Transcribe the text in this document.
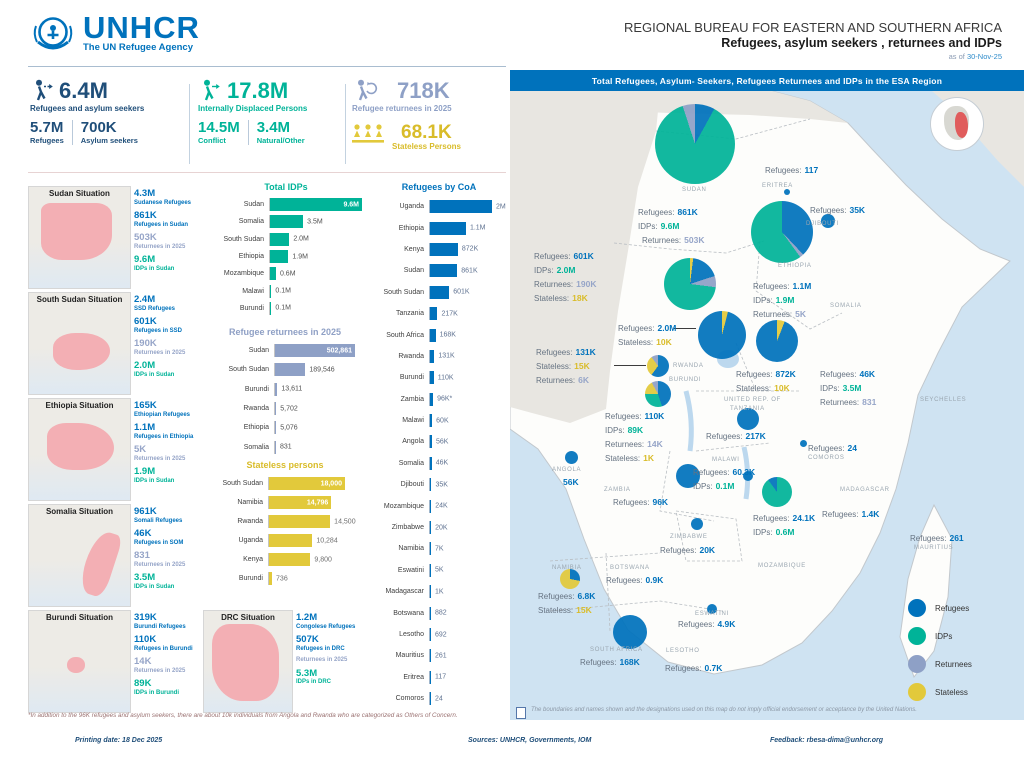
UNHCR
The UN Refugee Agency
REGIONAL BUREAU FOR EASTERN AND SOUTHERN AFRICA
Refugees, asylum seekers , returnees and IDPs
as of 30-Nov-25
6.4M
Refugees and asylum seekers
5.7M
Refugees
700K
Asylum seekers
17.8M
Internally Displaced Persons
14.5M
Conflict
3.4M
Natural/Other
718K
Refugee returnees in 2025
68.1K
Stateless Persons
Sudan Situation	4.3M
Sudanese Refugees
861K
Refugees in Sudan
503K
Returnees in 2025
9.6M
IDPs in Sudan
South Sudan Situation	2.4M
SSD Refugees
601K
Refugees in SSD
190K
Returnees in 2025
2.0M
IDPs in Sudan
Ethiopia Situation	165K
Ethiopian Refugees
1.1M
Refugees in Ethiopia
5K
Returnees in 2025
1.9M
IDPs in Sudan
Somalia Situation	961K
Somali Refugees
46K
Refugees in SOM
831
Returnees in 2025
3.5M
IDPs in Sudan
Burundi Situation	319K
Burundi Refugees
110K
Refugees in Burundi
14K
Returnees in 2025
89K
IDPs in Burundi
DRC Situation	1.2M
Congolese Refugees
507K
Refugees in DRC
Returnees in 2025
5.3M
IDPs in DRC
Total IDPs
Sudan	9.6M
Somalia	3.5M
South Sudan	2.0M
Ethiopia	1.9M
Mozambique	0.6M
Malawi	0.1M
Burundi	0.1M
Refugee returnees in 2025
Sudan	502,861
South Sudan	189,546
Burundi	13,611
Rwanda	5,702
Ethiopia	5,076
Somalia	831
Stateless persons
South Sudan	18,000
Namibia	14,796
Rwanda	14,500
Uganda	10,284
Kenya	9,800
Burundi	736
Refugees by CoA
Uganda	2M
Ethiopia	1.1M
Kenya	872K
Sudan	861K
South Sudan	601K
Tanzania	217K
South Africa	168K
Rwanda	131K
Burundi	110K
Zambia	96K*
Malawi	60K
Angola	56K
Somalia	46K
Djibouti	35K
Mozambique	24K
Zimbabwe	20K
Namibia	7K
Eswatini	5K
Madagascar	1K
Botswana	882
Lesotho	692
Mauritius	261
Eritrea	117
Comoros	24
*In addition to the 96K refugees and asylum seekers, there are about 10k individuals from Angola and Rwanda who are categorized as Others of Concern.
Printing date: 18 Dec 2025	Sources: UNHCR, Governments, IOM	Feedback: rbesa-dima@unhcr.org
Total Refugees, Asylum- Seekers, Refugees Returnees and IDPs in the ESA Region
Refugees: 861K
IDPs: 9.6M
Returnees: 503K
Refugees: 117
Refugees: 35K
Refugees: 1.1M
IDPs: 1.9M
Returnees: 5K
Refugees: 601K
IDPs: 2.0M
Returnees: 190K
Stateless: 18K
Refugees: 2.0M
Stateless: 10K
Refugees: 131K
Stateless: 15K
Returnees: 6K
Refugees: 872K
Stateless: 10K
Refugees: 46K
IDPs: 3.5M
Returnees: 831
Refugees: 110K
IDPs: 89K
Returnees: 14K
Stateless: 1K
Refugees: 217K
Refugees: 24
Refugees: 1.4K
Refugees: 261
56K
Refugees: 96K
Refugees: 60.3K
IDPs: 0.1M
Refugees: 24.1K
IDPs: 0.6M
Refugees: 20K
Refugees: 6.8K
Stateless: 15K
Refugees: 0.9K
Refugees: 4.9K
Refugees: 168K
Refugees: 0.7K
SUDAN
ERITREA
DJIBOUTI
ETHIOPIA
SOMALIA
RWANDA
BURUNDI
UNITED REP. OF
TANZANIA
ANGOLA
ZAMBIA
MALAWI
ZIMBABWE
MOZAMBIQUE
NAMIBIA	BOTSWANA
SOUTH AFRICA	LESOTHO
ESWATINI
SEYCHELLES
MADAGASCAR
MAURITIUS
COMOROS
Refugees
IDPs
Returnees
Stateless
The boundaries and names shown and the designations used on this map do not imply official endorsement or acceptance by the United Nations.
